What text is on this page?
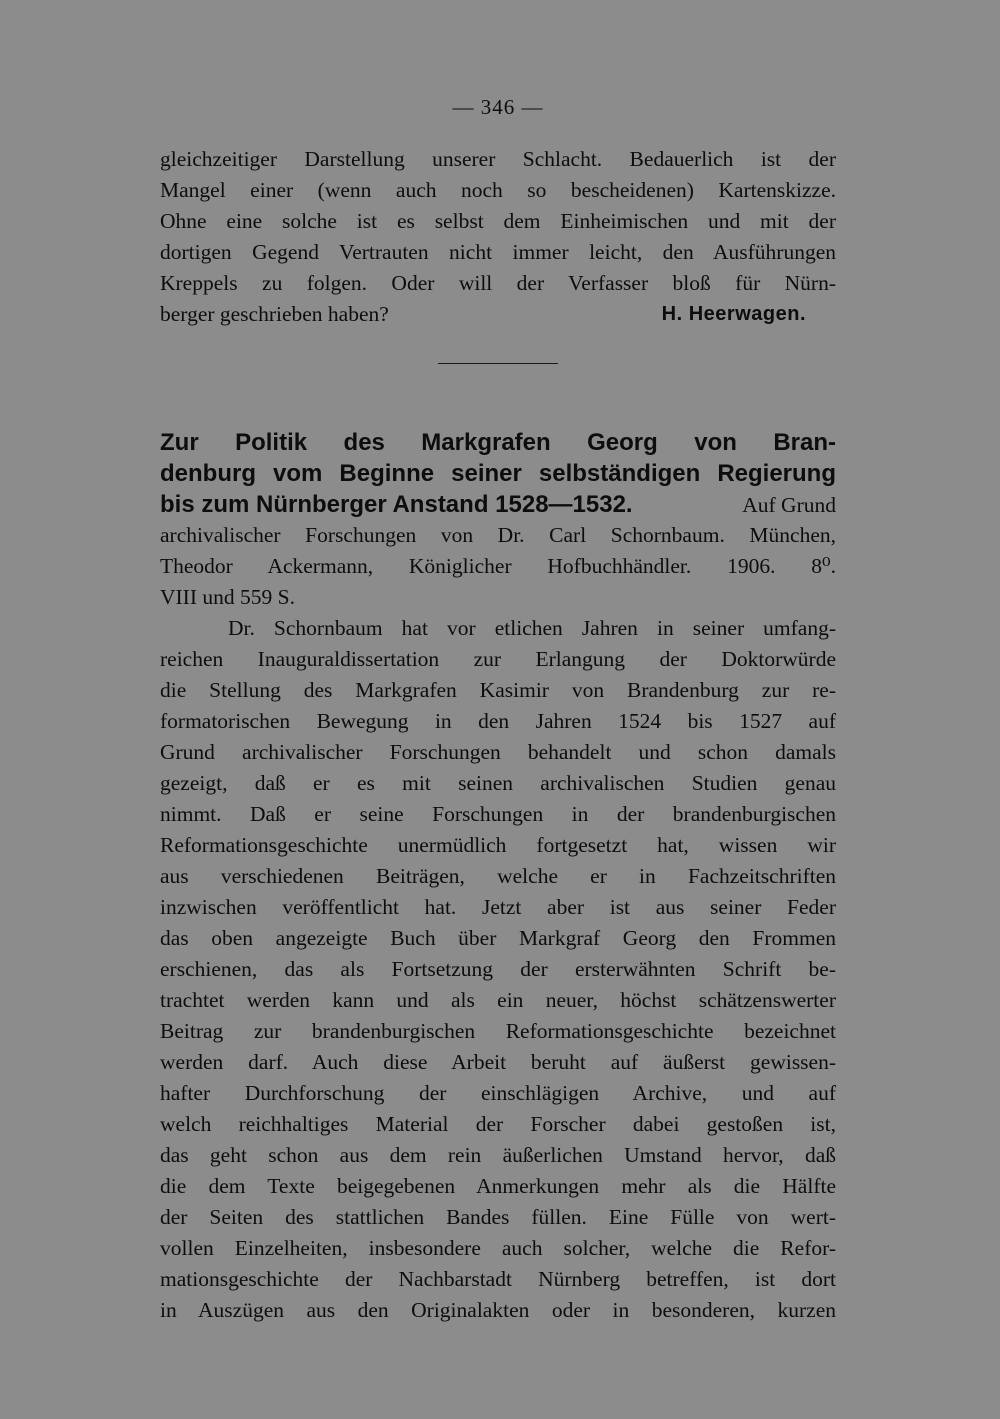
— 346 —
gleichzeitiger Darstellung unserer Schlacht. Bedauerlich ist der
Mangel einer (wenn auch noch so bescheidenen) Kartenskizze.
Ohne eine solche ist es selbst dem Einheimischen und mit der
dortigen Gegend Vertrauten nicht immer leicht, den Ausführungen
Kreppels zu folgen. Oder will der Verfasser bloß für Nürn-
berger geschrieben haben?	H. Heerwagen.
Zur Politik des Markgrafen Georg von Bran-
denburg vom Beginne seiner selbständigen Regierung
bis zum Nürnberger Anstand 1528—1532.	Auf Grund
archivalischer Forschungen von Dr. Carl Schornbaum. München,
Theodor Ackermann, Königlicher Hofbuchhändler. 1906. 8⁰.
VIII und 559 S.
Dr. Schornbaum hat vor etlichen Jahren in seiner umfang-
reichen Inauguraldissertation zur Erlangung der Doktorwürde
die Stellung des Markgrafen Kasimir von Brandenburg zur re-
formatorischen Bewegung in den Jahren 1524 bis 1527 auf
Grund archivalischer Forschungen behandelt und schon damals
gezeigt, daß er es mit seinen archivalischen Studien genau
nimmt. Daß er seine Forschungen in der brandenburgischen
Reformationsgeschichte unermüdlich fortgesetzt hat, wissen wir
aus verschiedenen Beiträgen, welche er in Fachzeitschriften
inzwischen veröffentlicht hat. Jetzt aber ist aus seiner Feder
das oben angezeigte Buch über Markgraf Georg den Frommen
erschienen, das als Fortsetzung der ersterwähnten Schrift be-
trachtet werden kann und als ein neuer, höchst schätzenswerter
Beitrag zur brandenburgischen Reformationsgeschichte bezeichnet
werden darf. Auch diese Arbeit beruht auf äußerst gewissen-
hafter Durchforschung der einschlägigen Archive, und auf
welch reichhaltiges Material der Forscher dabei gestoßen ist,
das geht schon aus dem rein äußerlichen Umstand hervor, daß
die dem Texte beigegebenen Anmerkungen mehr als die Hälfte
der Seiten des stattlichen Bandes füllen. Eine Fülle von wert-
vollen Einzelheiten, insbesondere auch solcher, welche die Refor-
mationsgeschichte der Nachbarstadt Nürnberg betreffen, ist dort
in Auszügen aus den Originalakten oder in besonderen, kurzen
